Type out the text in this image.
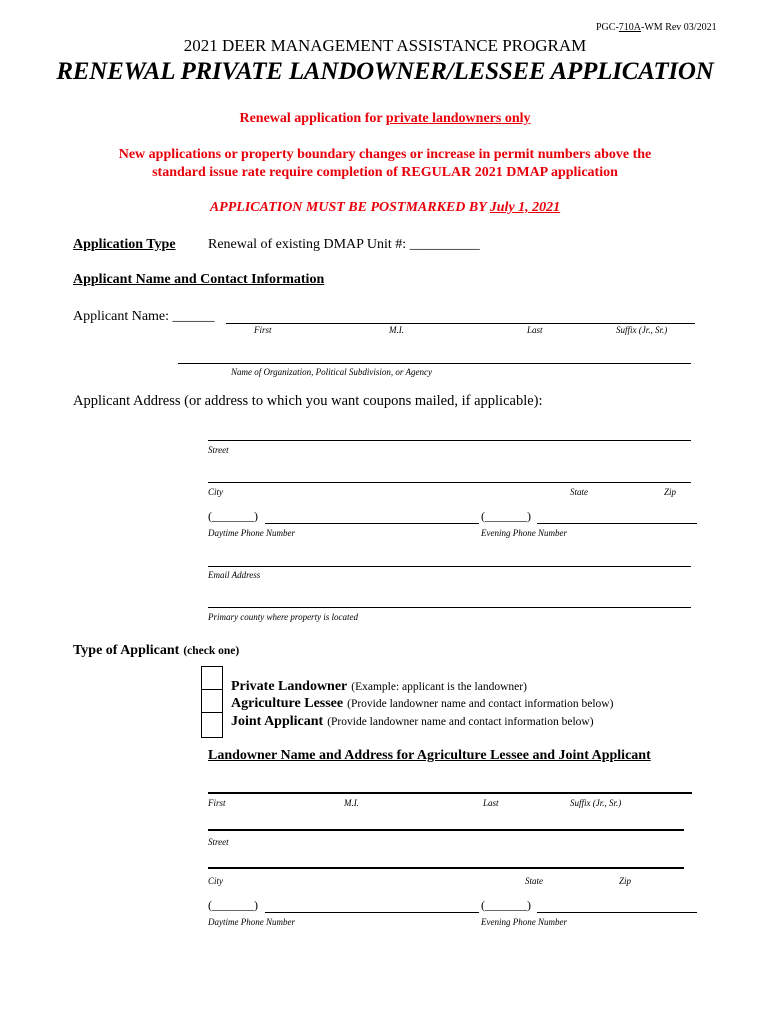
PGC-710A-WM Rev 03/2021
2021 DEER MANAGEMENT ASSISTANCE PROGRAM
RENEWAL PRIVATE LANDOWNER/LESSEE APPLICATION
Renewal application for private landowners only
New applications or property boundary changes or increase in permit numbers above the
standard issue rate require completion of REGULAR 2021 DMAP application
APPLICATION MUST BE POSTMARKED BY July 1, 2021
Application Type Renewal of existing DMAP Unit #: __________
Applicant Name and Contact Information
Applicant Name: ______
First	M.I.	Last	Suffix (Jr., Sr.)
Name of Organization, Political Subdivision, or Agency
Applicant Address (or address to which you want coupons mailed, if applicable):
Street
City	State	Zip
(_______)	(_______)
Daytime Phone Number	Evening Phone Number
Email Address
Primary county where property is located
Type of Applicant (check one)
Private Landowner (Example: applicant is the landowner)
Agriculture Lessee (Provide landowner name and contact information below)
Joint Applicant (Provide landowner name and contact information below)
Landowner Name and Address for Agriculture Lessee and Joint Applicant
First	M.I.	Last	Suffix (Jr., Sr.)
Street
City	State	Zip
(_______)	(_______)
Daytime Phone Number	Evening Phone Number
